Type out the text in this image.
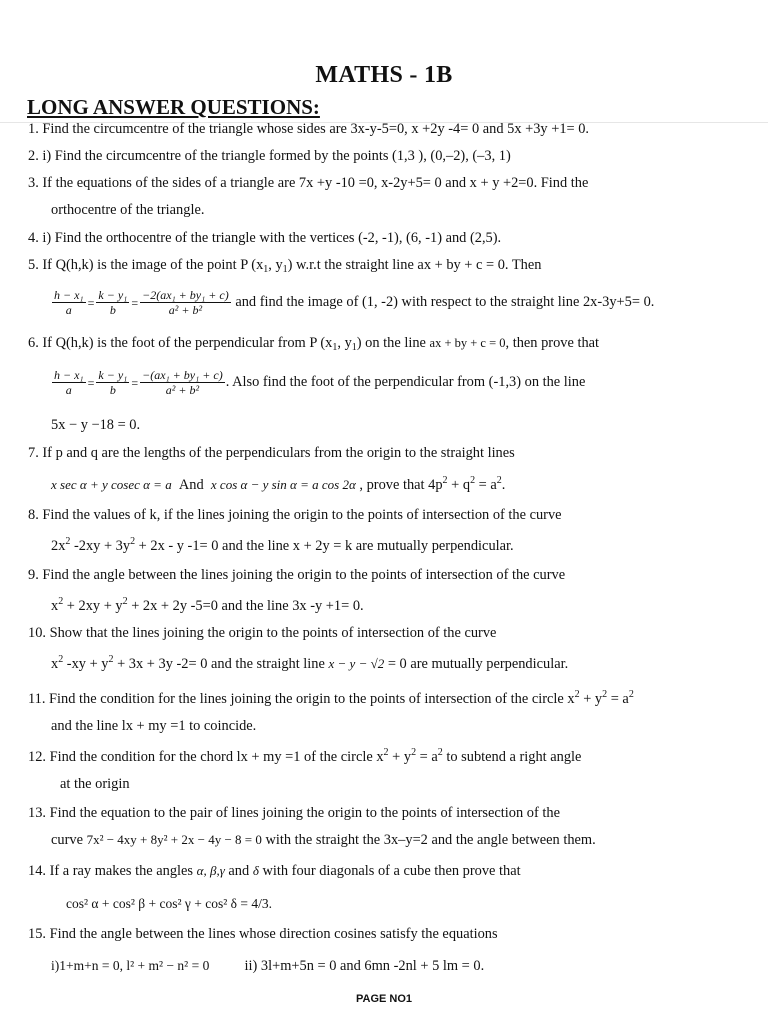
MATHS - 1B
LONG ANSWER QUESTIONS:
1. Find the circumcentre of the triangle whose sides are 3x-y-5=0, x +2y -4= 0 and 5x +3y +1= 0.
2. i) Find the circumcentre of the triangle formed by the points (1,3 ), (0,–2), (–3, 1)
3. If the equations of the sides of a triangle are 7x +y -10 =0, x-2y+5= 0 and x + y +2=0. Find the
orthocentre of the triangle.
4. i) Find the orthocentre of the triangle with the vertices (-2, -1), (6, -1) and (2,5).
5. If Q(h,k) is the image of the point P ($x_1$, $y_1$) w.r.t the straight line ax + by + c = 0. Then
$\frac{\text{h − x₁}}{a} = \frac{\text{k − y₁}}{b} = \frac{\text{−2(ax₁ + by₁ + c)}}{\text{a² + b²}}$ and find the image of (1, -2) with respect to the straight line 2x-3y+5= 0.
6. If Q(h,k) is the foot of the perpendicular from P ($x_1$, $y_1$) on the line ax + by + c = 0, then prove that
$\frac{\text{h − x₁}}{a} = \frac{\text{k − y₁}}{b} = \frac{\text{−(ax₁ + by₁ + c)}}{\text{a² + b²}}$ . Also find the foot of the perpendicular from (-1,3) on the line
5x − y −18 = 0.
7. If p and q are the lengths of the perpendiculars from the origin to the straight lines
x sec α + y cosec α = a And x cos α − y sin α = a cos 2α , prove that $4p^2 + q^2 = a^2$.
8. Find the values of k, if the lines joining the origin to the points of intersection of the curve
$2x^2$ $-2xy + 3y^2 + 2x - y$ -1= 0 and the line x + 2y = k are mutually perpendicular.
9. Find the angle between the lines joining the origin to the points of intersection of the curve
$x^2 + 2xy + y^2 + 2x + 2y$ -5=0 and the line 3x -y +1= 0.
10. Show that the lines joining the origin to the points of intersection of the curve
$x^2$ $-xy + y^2 + 3x + 3y$ -2= 0 and the straight line x − y − √2 = 0 are mutually perpendicular.
11. Find the condition for the lines joining the origin to the points of intersection of the circle $x^2 + y^2 = a^2$
and the line lx + my =1 to coincide.
12. Find the condition for the chord lx + my =1 of the circle $x^2 + y^2 = a^2$ to subtend a right angle
at the origin
13. Find the equation to the pair of lines joining the origin to the points of intersection of the
curve 7x² − 4xy + 8y² + 2x − 4y − 8 = 0 with the straight the 3x–y=2 and the angle between them.
14. If a ray makes the angles α, β,γ and δ with four diagonals of a cube then prove that
cos² α + cos² β + cos² γ + cos² δ = 4/3.
15. Find the angle between the lines whose direction cosines satisfy the equations
i)1+m+n = 0, l² + m² − n² = 0 ii) 3l+m+5n = 0 and 6mn -2nl + 5 lm = 0.
PAGE NO1
